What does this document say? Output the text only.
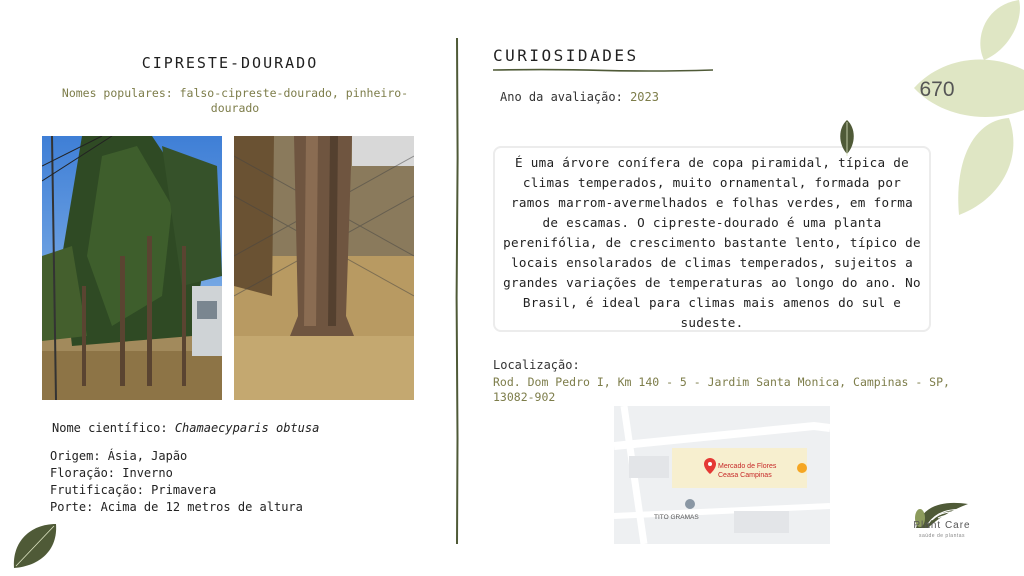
CIPRESTE-DOURADO
Nomes populares: falso-cipreste-dourado, pinheiro-dourado
Nome científico: Chamaecyparis obtusa
Origem: Ásia, Japão
Floração: Inverno
Frutificação: Primavera
Porte: Acima de 12 metros de altura
CURIOSIDADES
Ano da avaliação: 2023
É uma árvore conífera de copa piramidal, típica de climas temperados, muito ornamental, formada por ramos marrom-avermelhados e folhas verdes, em forma de escamas. O cipreste-dourado é uma planta perenifólia, de crescimento bastante lento, típico de locais ensolarados de climas temperados, sujeitos a grandes variações de temperaturas ao longo do ano. No Brasil, é ideal para climas mais amenos do sul e sudeste.
Localização:
Rod. Dom Pedro I, Km 140 - 5 - Jardim Santa Monica, Campinas - SP, 13082-902
Mercado de Flores
Ceasa Campinas
TITO GRAMAS
670
Plant Care
saúde de plantas
